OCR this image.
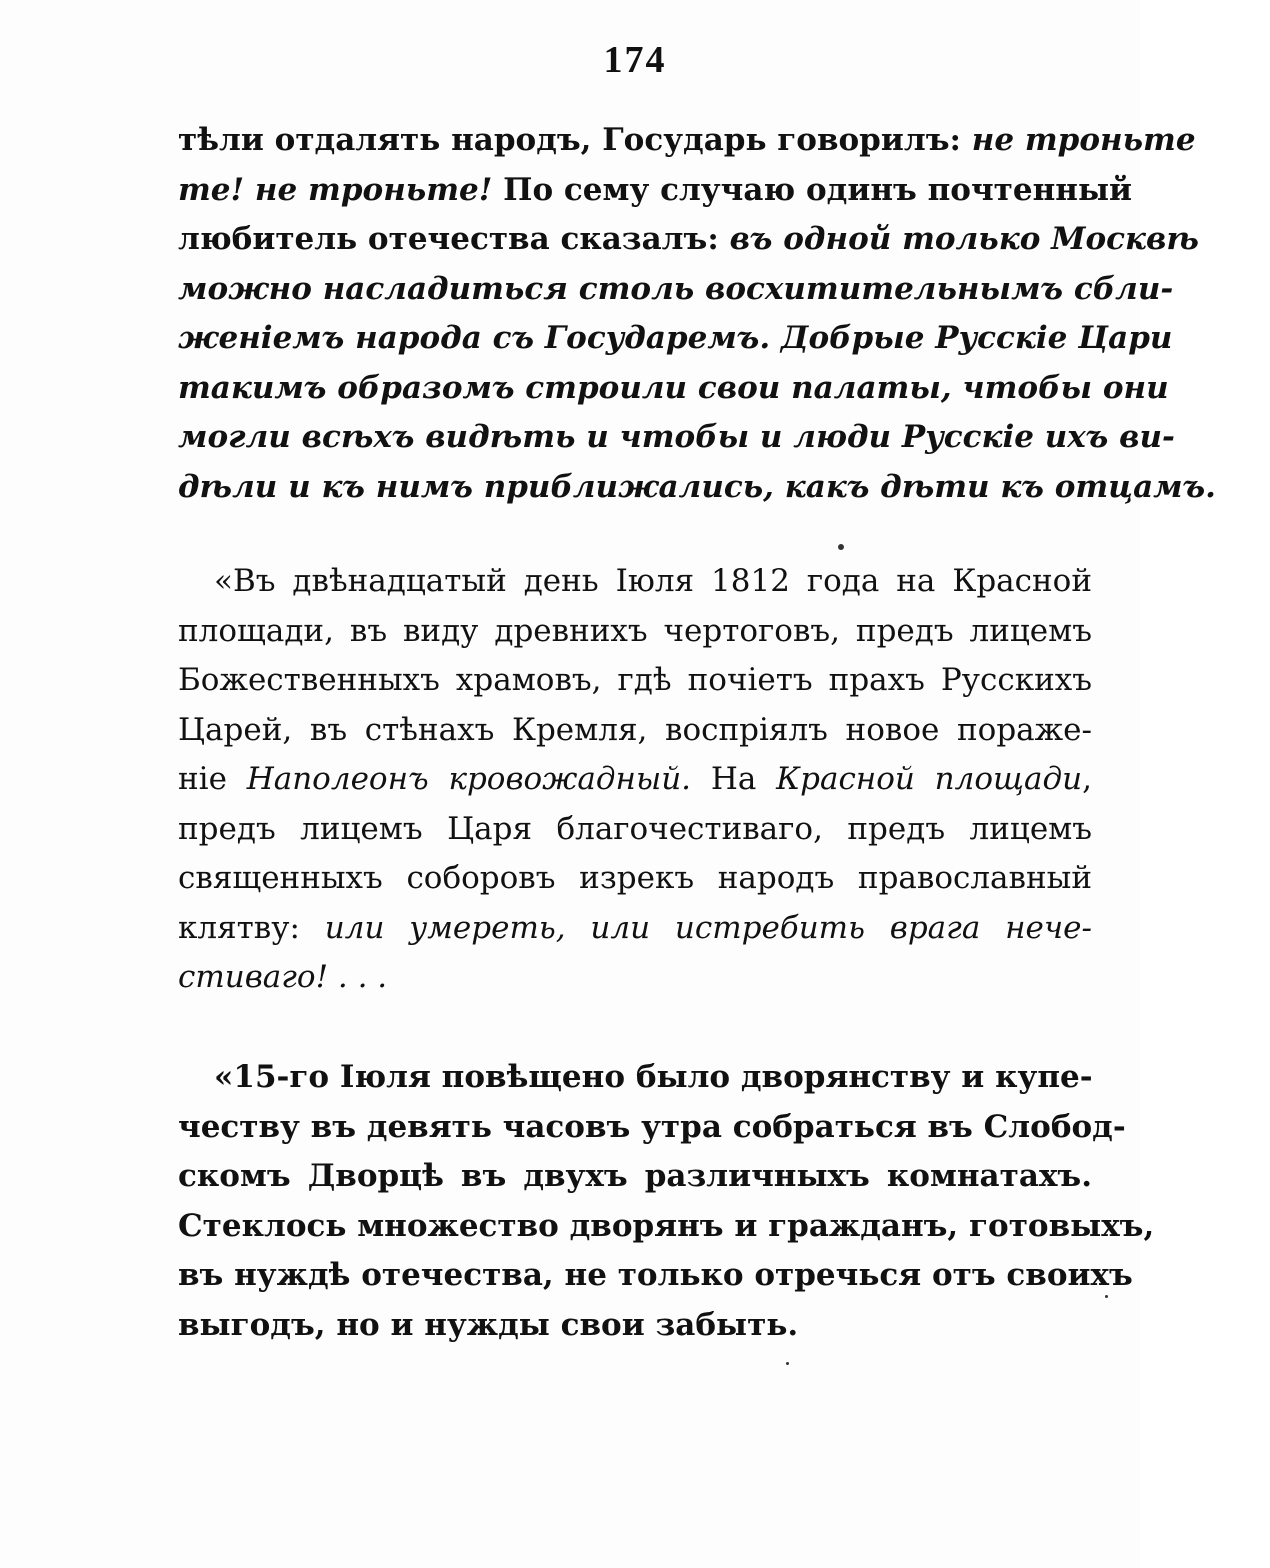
174
тѣли отдалять народъ, Государь говорилъ: не троньте
те! не троньте! По сему случаю одинъ почтенный
любитель отечества сказалъ: въ одной только Москвѣ
можно насладиться столь восхитительнымъ сбли-
женіемъ народа съ Государемъ. Добрые Русскіе Цари
такимъ образомъ строили свои палаты, чтобы они
могли всѣхъ видѣть и чтобы и люди Русскіе ихъ ви-
дѣли и къ нимъ приближались, какъ дѣти къ отцамъ.
«Въ двѣнадцатый день Іюля 1812 года на Красной
площади, въ виду древнихъ чертоговъ, предъ лицемъ
Божественныхъ храмовъ, гдѣ почіетъ прахъ Русскихъ
Царей, въ стѣнахъ Кремля, воспріялъ новое пораже-
ніе Наполеонъ кровожадный. На Красной площади,
предъ лицемъ Царя благочестиваго, предъ лицемъ
священныхъ соборовъ изрекъ народъ православный
клятву: или умереть, или истребить врага нече-
стиваго! . . .
«15-го Іюля повѣщено было дворянству и купе-
честву въ девять часовъ утра собраться въ Слобод-
скомъ Дворцѣ въ двухъ различныхъ комнатахъ.
Стеклось множество дворянъ и гражданъ, готовыхъ,
въ нуждѣ отечества, не только отречься отъ своихъ
выгодъ, но и нужды свои забыть.
